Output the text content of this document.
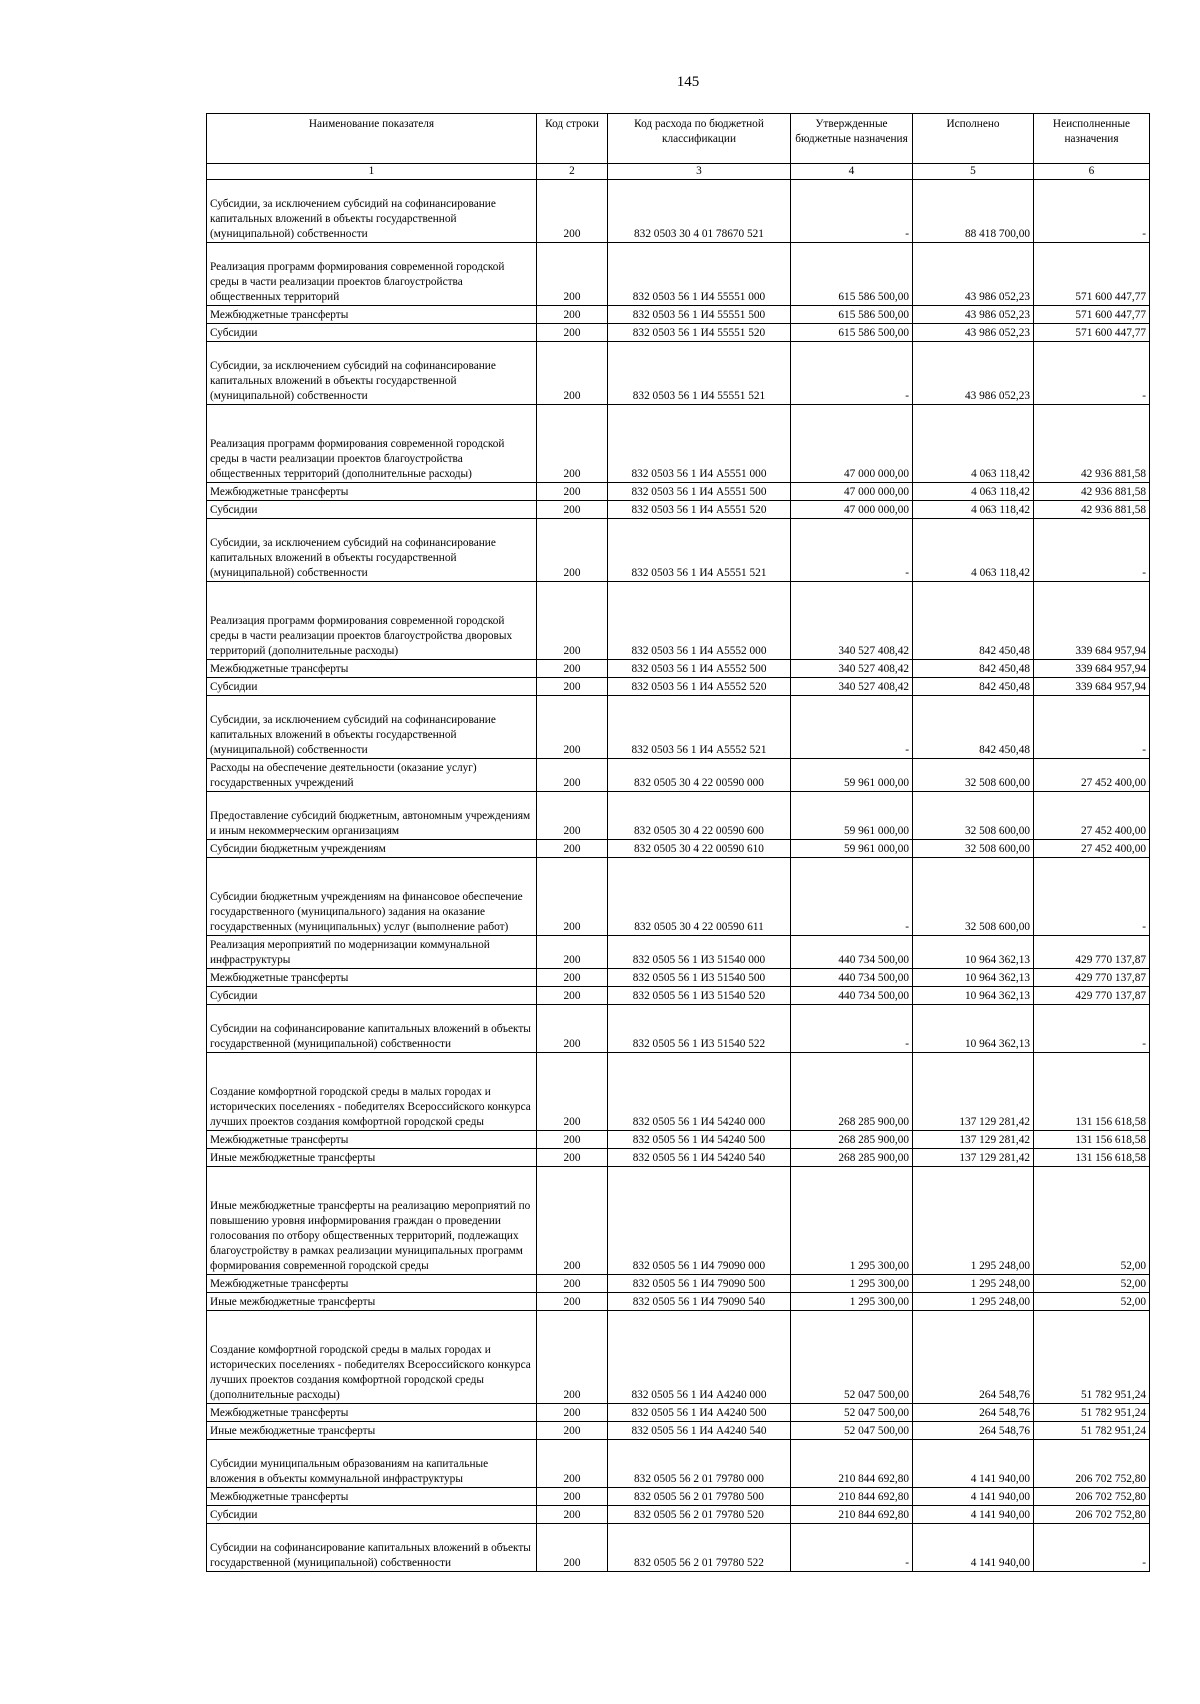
145
Наименование показателя	Код строки	Код расхода по бюджетной классификации	Утвержденные бюджетные назначения	Исполнено	Неисполненные назначения
1	2	3	4	5	6
Субсидии, за исключением субсидий на софинансирование капитальных вложений в объекты государственной (муниципальной) собственности	200	832 0503 30 4 01 78670 521	-	88 418 700,00	-
Реализация программ формирования современной городской среды в части реализации проектов благоустройства общественных территорий	200	832 0503 56 1 И4 55551 000	615 586 500,00	43 986 052,23	571 600 447,77
Межбюджетные трансферты	200	832 0503 56 1 И4 55551 500	615 586 500,00	43 986 052,23	571 600 447,77
Субсидии	200	832 0503 56 1 И4 55551 520	615 586 500,00	43 986 052,23	571 600 447,77
Субсидии, за исключением субсидий на софинансирование капитальных вложений в объекты государственной (муниципальной) собственности	200	832 0503 56 1 И4 55551 521	-	43 986 052,23	-
Реализация программ формирования современной городской среды в части реализации проектов благоустройства общественных территорий (дополнительные расходы)	200	832 0503 56 1 И4 А5551 000	47 000 000,00	4 063 118,42	42 936 881,58
Межбюджетные трансферты	200	832 0503 56 1 И4 А5551 500	47 000 000,00	4 063 118,42	42 936 881,58
Субсидии	200	832 0503 56 1 И4 А5551 520	47 000 000,00	4 063 118,42	42 936 881,58
Субсидии, за исключением субсидий на софинансирование капитальных вложений в объекты государственной (муниципальной) собственности	200	832 0503 56 1 И4 А5551 521	-	4 063 118,42	-
Реализация программ формирования современной городской среды в части реализации проектов благоустройства дворовых территорий (дополнительные расходы)	200	832 0503 56 1 И4 А5552 000	340 527 408,42	842 450,48	339 684 957,94
Межбюджетные трансферты	200	832 0503 56 1 И4 А5552 500	340 527 408,42	842 450,48	339 684 957,94
Субсидии	200	832 0503 56 1 И4 А5552 520	340 527 408,42	842 450,48	339 684 957,94
Субсидии, за исключением субсидий на софинансирование капитальных вложений в объекты государственной (муниципальной) собственности	200	832 0503 56 1 И4 А5552 521	-	842 450,48	-
Расходы на обеспечение деятельности (оказание услуг) государственных учреждений	200	832 0505 30 4 22 00590 000	59 961 000,00	32 508 600,00	27 452 400,00
Предоставление субсидий бюджетным, автономным учреждениям и иным некоммерческим организациям	200	832 0505 30 4 22 00590 600	59 961 000,00	32 508 600,00	27 452 400,00
Субсидии бюджетным учреждениям	200	832 0505 30 4 22 00590 610	59 961 000,00	32 508 600,00	27 452 400,00
Субсидии бюджетным учреждениям на финансовое обеспечение государственного (муниципального) задания на оказание государственных (муниципальных) услуг (выполнение работ)	200	832 0505 30 4 22 00590 611	-	32 508 600,00	-
Реализация мероприятий по модернизации коммунальной инфраструктуры	200	832 0505 56 1 И3 51540 000	440 734 500,00	10 964 362,13	429 770 137,87
Межбюджетные трансферты	200	832 0505 56 1 И3 51540 500	440 734 500,00	10 964 362,13	429 770 137,87
Субсидии	200	832 0505 56 1 И3 51540 520	440 734 500,00	10 964 362,13	429 770 137,87
Субсидии на софинансирование капитальных вложений в объекты государственной (муниципальной) собственности	200	832 0505 56 1 И3 51540 522	-	10 964 362,13	-
Создание комфортной городской среды в малых городах и исторических поселениях - победителях Всероссийского конкурса лучших проектов создания комфортной городской среды	200	832 0505 56 1 И4 54240 000	268 285 900,00	137 129 281,42	131 156 618,58
Межбюджетные трансферты	200	832 0505 56 1 И4 54240 500	268 285 900,00	137 129 281,42	131 156 618,58
Иные межбюджетные трансферты	200	832 0505 56 1 И4 54240 540	268 285 900,00	137 129 281,42	131 156 618,58
Иные межбюджетные трансферты на реализацию мероприятий по повышению уровня информирования граждан о проведении голосования по отбору общественных территорий, подлежащих благоустройству в рамках реализации муниципальных программ формирования современной городской среды	200	832 0505 56 1 И4 79090 000	1 295 300,00	1 295 248,00	52,00
Межбюджетные трансферты	200	832 0505 56 1 И4 79090 500	1 295 300,00	1 295 248,00	52,00
Иные межбюджетные трансферты	200	832 0505 56 1 И4 79090 540	1 295 300,00	1 295 248,00	52,00
Создание комфортной городской среды в малых городах и исторических поселениях - победителях Всероссийского конкурса лучших проектов создания комфортной городской среды (дополнительные расходы)	200	832 0505 56 1 И4 А4240 000	52 047 500,00	264 548,76	51 782 951,24
Межбюджетные трансферты	200	832 0505 56 1 И4 А4240 500	52 047 500,00	264 548,76	51 782 951,24
Иные межбюджетные трансферты	200	832 0505 56 1 И4 А4240 540	52 047 500,00	264 548,76	51 782 951,24
Субсидии муниципальным образованиям на капитальные вложения в объекты коммунальной инфраструктуры	200	832 0505 56 2 01 79780 000	210 844 692,80	4 141 940,00	206 702 752,80
Межбюджетные трансферты	200	832 0505 56 2 01 79780 500	210 844 692,80	4 141 940,00	206 702 752,80
Субсидии	200	832 0505 56 2 01 79780 520	210 844 692,80	4 141 940,00	206 702 752,80
Субсидии на софинансирование капитальных вложений в объекты государственной (муниципальной) собственности	200	832 0505 56 2 01 79780 522	-	4 141 940,00	-
